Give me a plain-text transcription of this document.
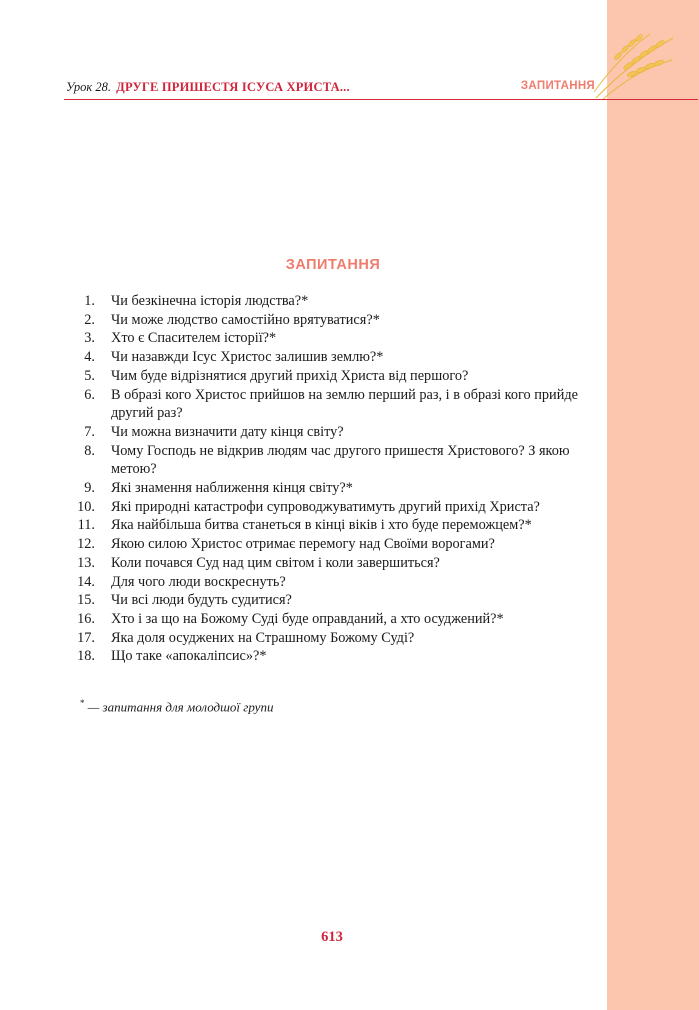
Урок 28. ДРУГЕ ПРИШЕСТЯ ІСУСА ХРИСТА...	ЗАПИТАННЯ
ЗАПИТАННЯ
1. Чи безкінечна історія людства?*
2. Чи може людство самостійно врятуватися?*
3. Хто є Спасителем історії?*
4. Чи назавжди Ісус Христос залишив землю?*
5. Чим буде відрізнятися другий прихід Христа від першого?
6. В образі кого Христос прийшов на землю перший раз, і в образі кого прийде другий раз?
7. Чи можна визначити дату кінця світу?
8. Чому Господь не відкрив людям час другого пришестя Христового? З якою метою?
9. Які знамення наближення кінця світу?*
10. Які природні катастрофи супроводжуватимуть другий прихід Христа?
11. Яка найбільша битва станеться в кінці віків і хто буде переможцем?*
12. Якою силою Христос отримає перемогу над Своїми ворогами?
13. Коли почався Суд над цим світом і коли завершиться?
14. Для чого люди воскреснуть?
15. Чи всі люди будуть судитися?
16. Хто і за що на Божому Суді буде оправданий, а хто осуджений?*
17. Яка доля осуджених на Страшному Божому Суді?
18. Що таке «апокаліпсис»?*
* — запитання для молодшої групи
613
